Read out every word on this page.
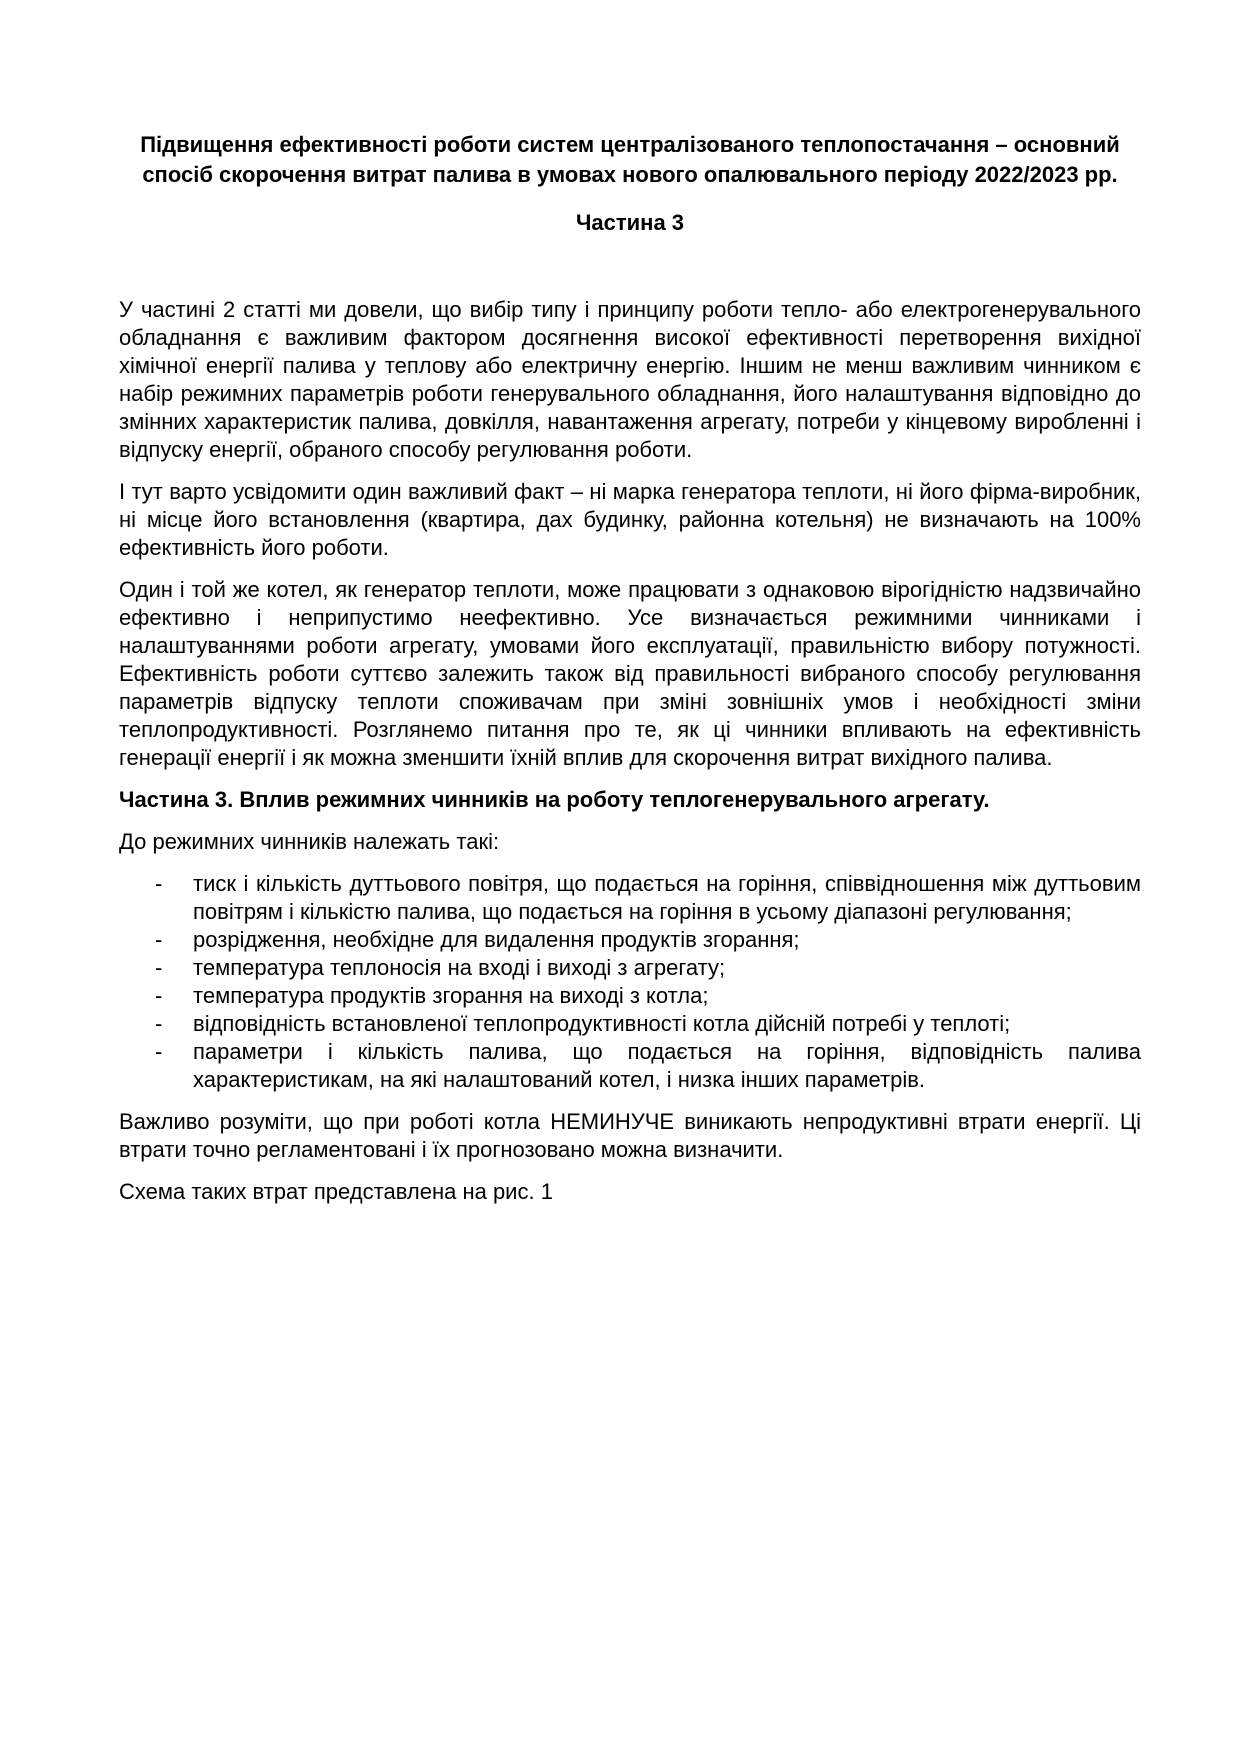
Підвищення ефективності роботи систем централізованого теплопостачання – основний спосіб скорочення витрат палива в умовах нового опалювального періоду 2022/2023 рр.
Частина 3

У частині 2 статті ми довели, що вибір типу і принципу роботи тепло- або електрогенерувального обладнання є важливим фактором досягнення високої ефективності перетворення вихідної хімічної енергії палива у теплову або електричну енергію. Іншим не менш важливим чинником є набір режимних параметрів роботи генерувального обладнання, його налаштування відповідно до змінних характеристик палива, довкілля, навантаження агрегату, потреби у кінцевому виробленні і відпуску енергії, обраного способу регулювання роботи.

І тут варто усвідомити один важливий факт – ні марка генератора теплоти, ні його фірма-виробник, ні місце його встановлення (квартира, дах будинку, районна котельня) не визначають на 100% ефективність його роботи.

Один і той же котел, як генератор теплоти, може працювати з однаковою вірогідністю надзвичайно ефективно і неприпустимо неефективно. Усе визначається режимними чинниками і налаштуваннями роботи агрегату, умовами його експлуатації, правильністю вибору потужності. Ефективність роботи суттєво залежить також від правильності вибраного способу регулювання параметрів відпуску теплоти споживачам при зміні зовнішніх умов і необхідності зміни теплопродуктивності. Розглянемо питання про те, як ці чинники впливають на ефективність генерації енергії і як можна зменшити їхній вплив для скорочення витрат вихідного палива.

Частина 3. Вплив режимних чинників на роботу теплогенерувального агрегату.

До режимних чинників належать такі:

- тиск і кількість дуттьового повітря, що подається на горіння, співвідношення між дуттьовим повітрям і кількістю палива, що подається на горіння в усьому діапазоні регулювання;
- розрідження, необхідне для видалення продуктів згорання;
- температура теплоносія на вході і виході з агрегату;
- температура продуктів згорання на виході з котла;
- відповідність встановленої теплопродуктивності котла дійсній потребі у теплоті;
- параметри і кількість палива, що подається на горіння, відповідність палива характеристикам, на які налаштований котел, і низка інших параметрів.

Важливо розуміти, що при роботі котла НЕМИНУЧЕ виникають непродуктивні втрати енергії. Ці втрати точно регламентовані і їх прогнозовано можна визначити.

Схема таких втрат представлена на рис. 1
